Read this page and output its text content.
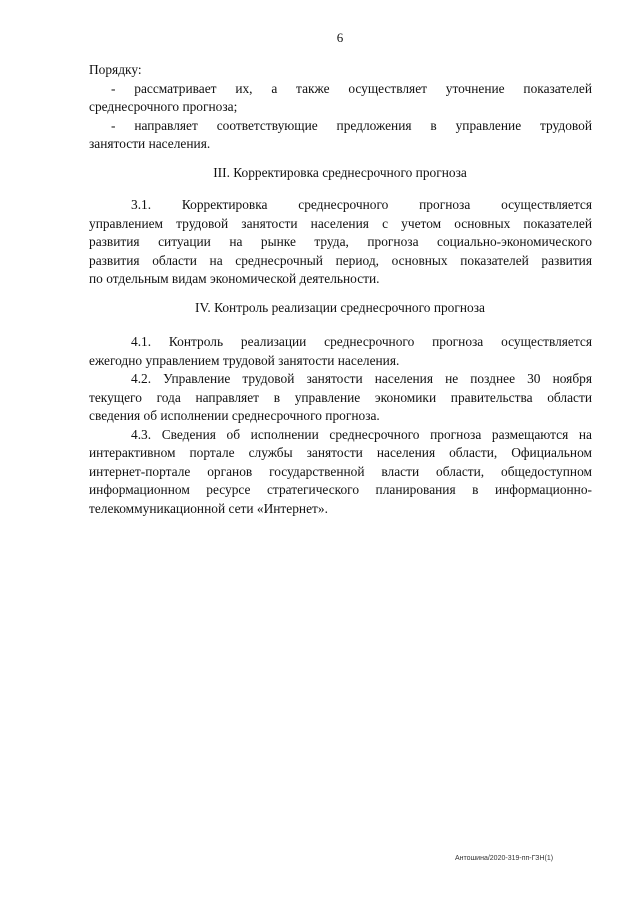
6
Порядку:
- рассматривает их, а также осуществляет уточнение показателей
среднесрочного прогноза;
- направляет соответствующие предложения в управление трудовой
занятости населения.
III. Корректировка среднесрочного прогноза
3.1. Корректировка среднесрочного прогноза осуществляется
управлением трудовой занятости населения с учетом основных показателей
развития ситуации на рынке труда, прогноза социально-экономического
развития области на среднесрочный период, основных показателей развития
по отдельным видам экономической деятельности.
IV. Контроль реализации среднесрочного прогноза
4.1. Контроль реализации среднесрочного прогноза осуществляется
ежегодно управлением трудовой занятости населения.
4.2. Управление трудовой занятости населения не позднее 30 ноября
текущего года направляет в управление экономики правительства области
сведения об исполнении среднесрочного прогноза.
4.3. Сведения об исполнении среднесрочного прогноза размещаются на
интерактивном портале службы занятости населения области, Официальном
интернет-портале органов государственной власти области, общедоступном
информационном ресурсе стратегического планирования в информационно-
телекоммуникационной сети «Интернет».
Антошина/2020-319-пп-ГЗН(1)
